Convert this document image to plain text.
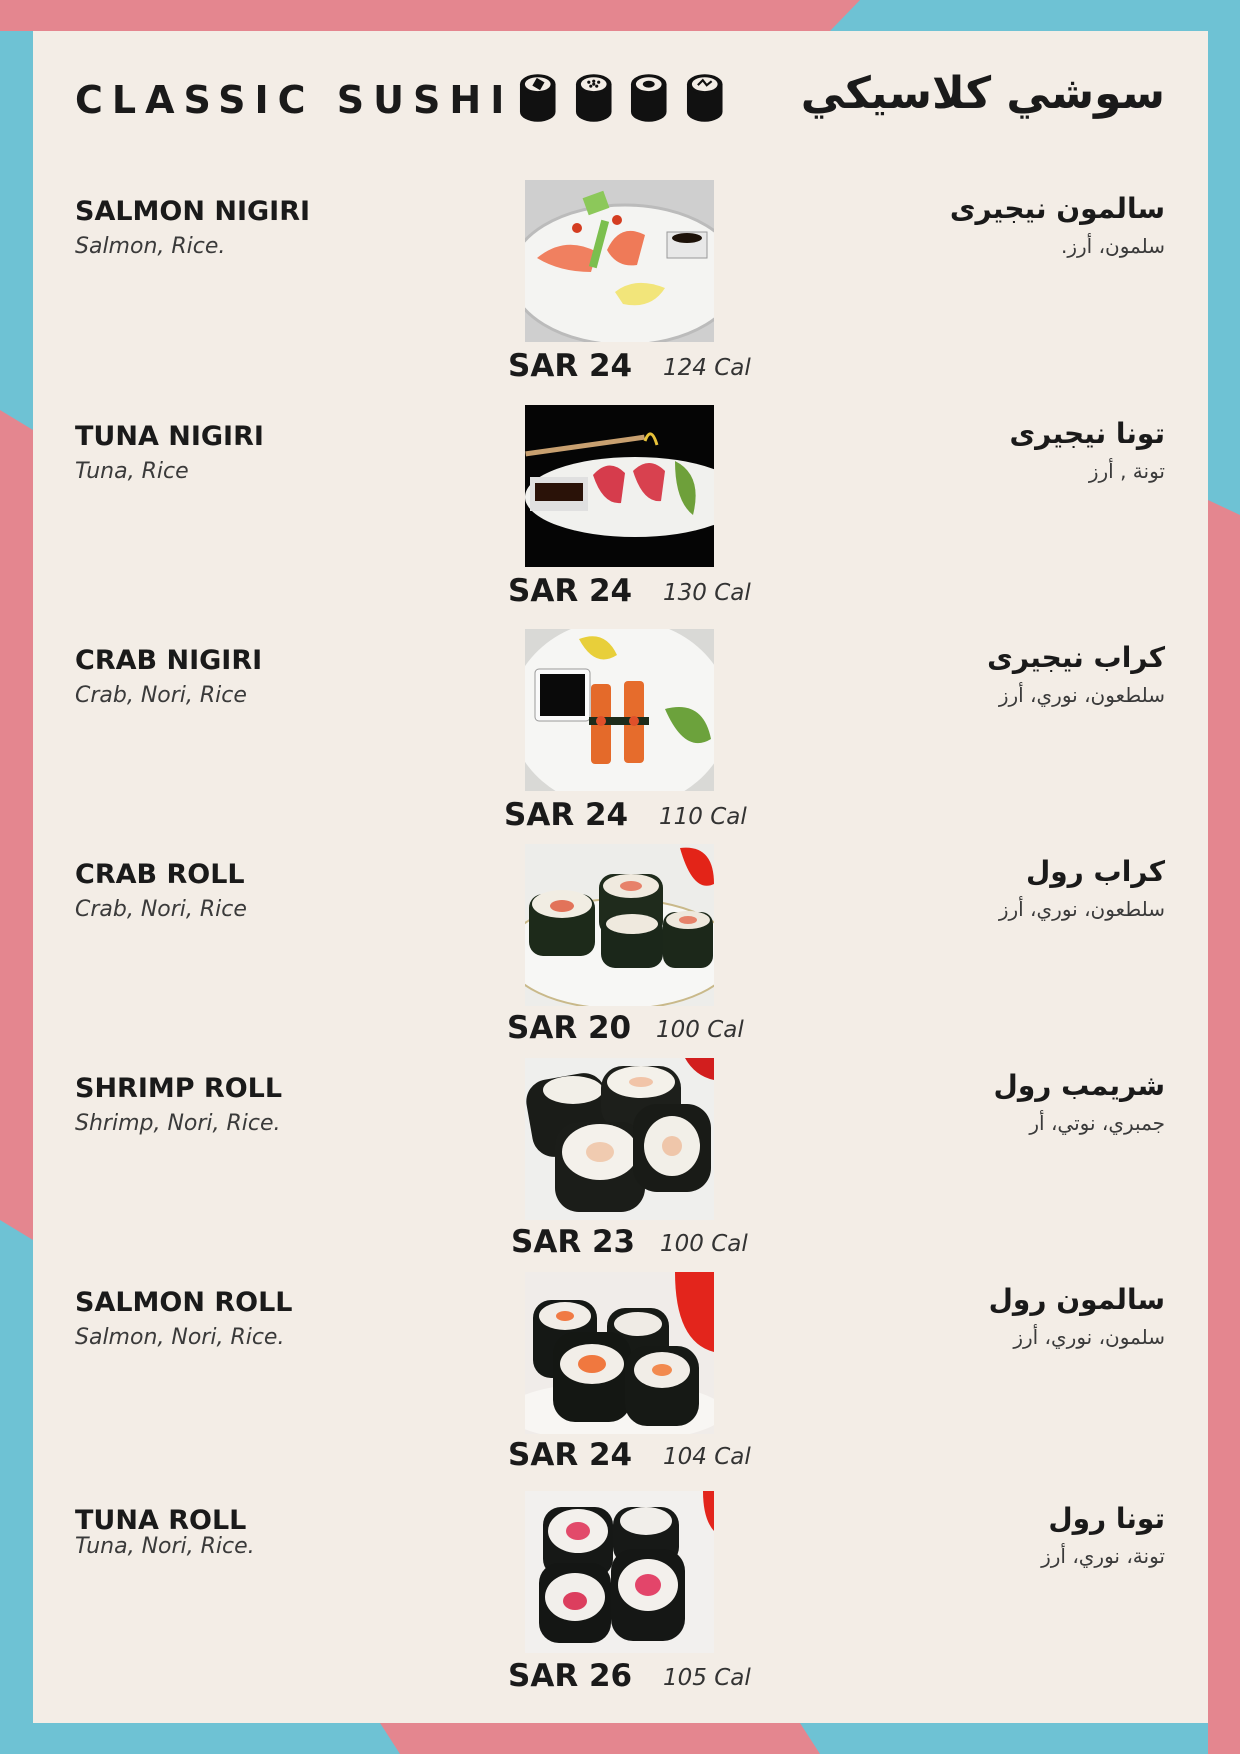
CLASSIC SUSHI	سوشي كلاسيكي
SALMON NIGIRI
Salmon, Rice.
سالمون نيجيرى
سلمون، أرز.
SAR 24 124 Cal
TUNA NIGIRI
Tuna, Rice
تونا نيجيرى
تونة , أرز
SAR 24 130 Cal
CRAB NIGIRI
Crab, Nori, Rice
كراب نيجيرى
سلطعون، نوري، أرز
SAR 24 110 Cal
CRAB ROLL
Crab, Nori, Rice
كراب رول
سلطعون، نوري، أرز
SAR 20 100 Cal
SHRIMP ROLL
Shrimp, Nori, Rice.
شريمب رول
جمبري، نوتي، أر
SAR 23 100 Cal
SALMON ROLL
Salmon, Nori, Rice.
سالمون رول
سلمون، نوري، أرز
SAR 24 104 Cal
TUNA ROLL
Tuna, Nori, Rice.
تونا رول
تونة، نوري، أرز
SAR 26 105 Cal
